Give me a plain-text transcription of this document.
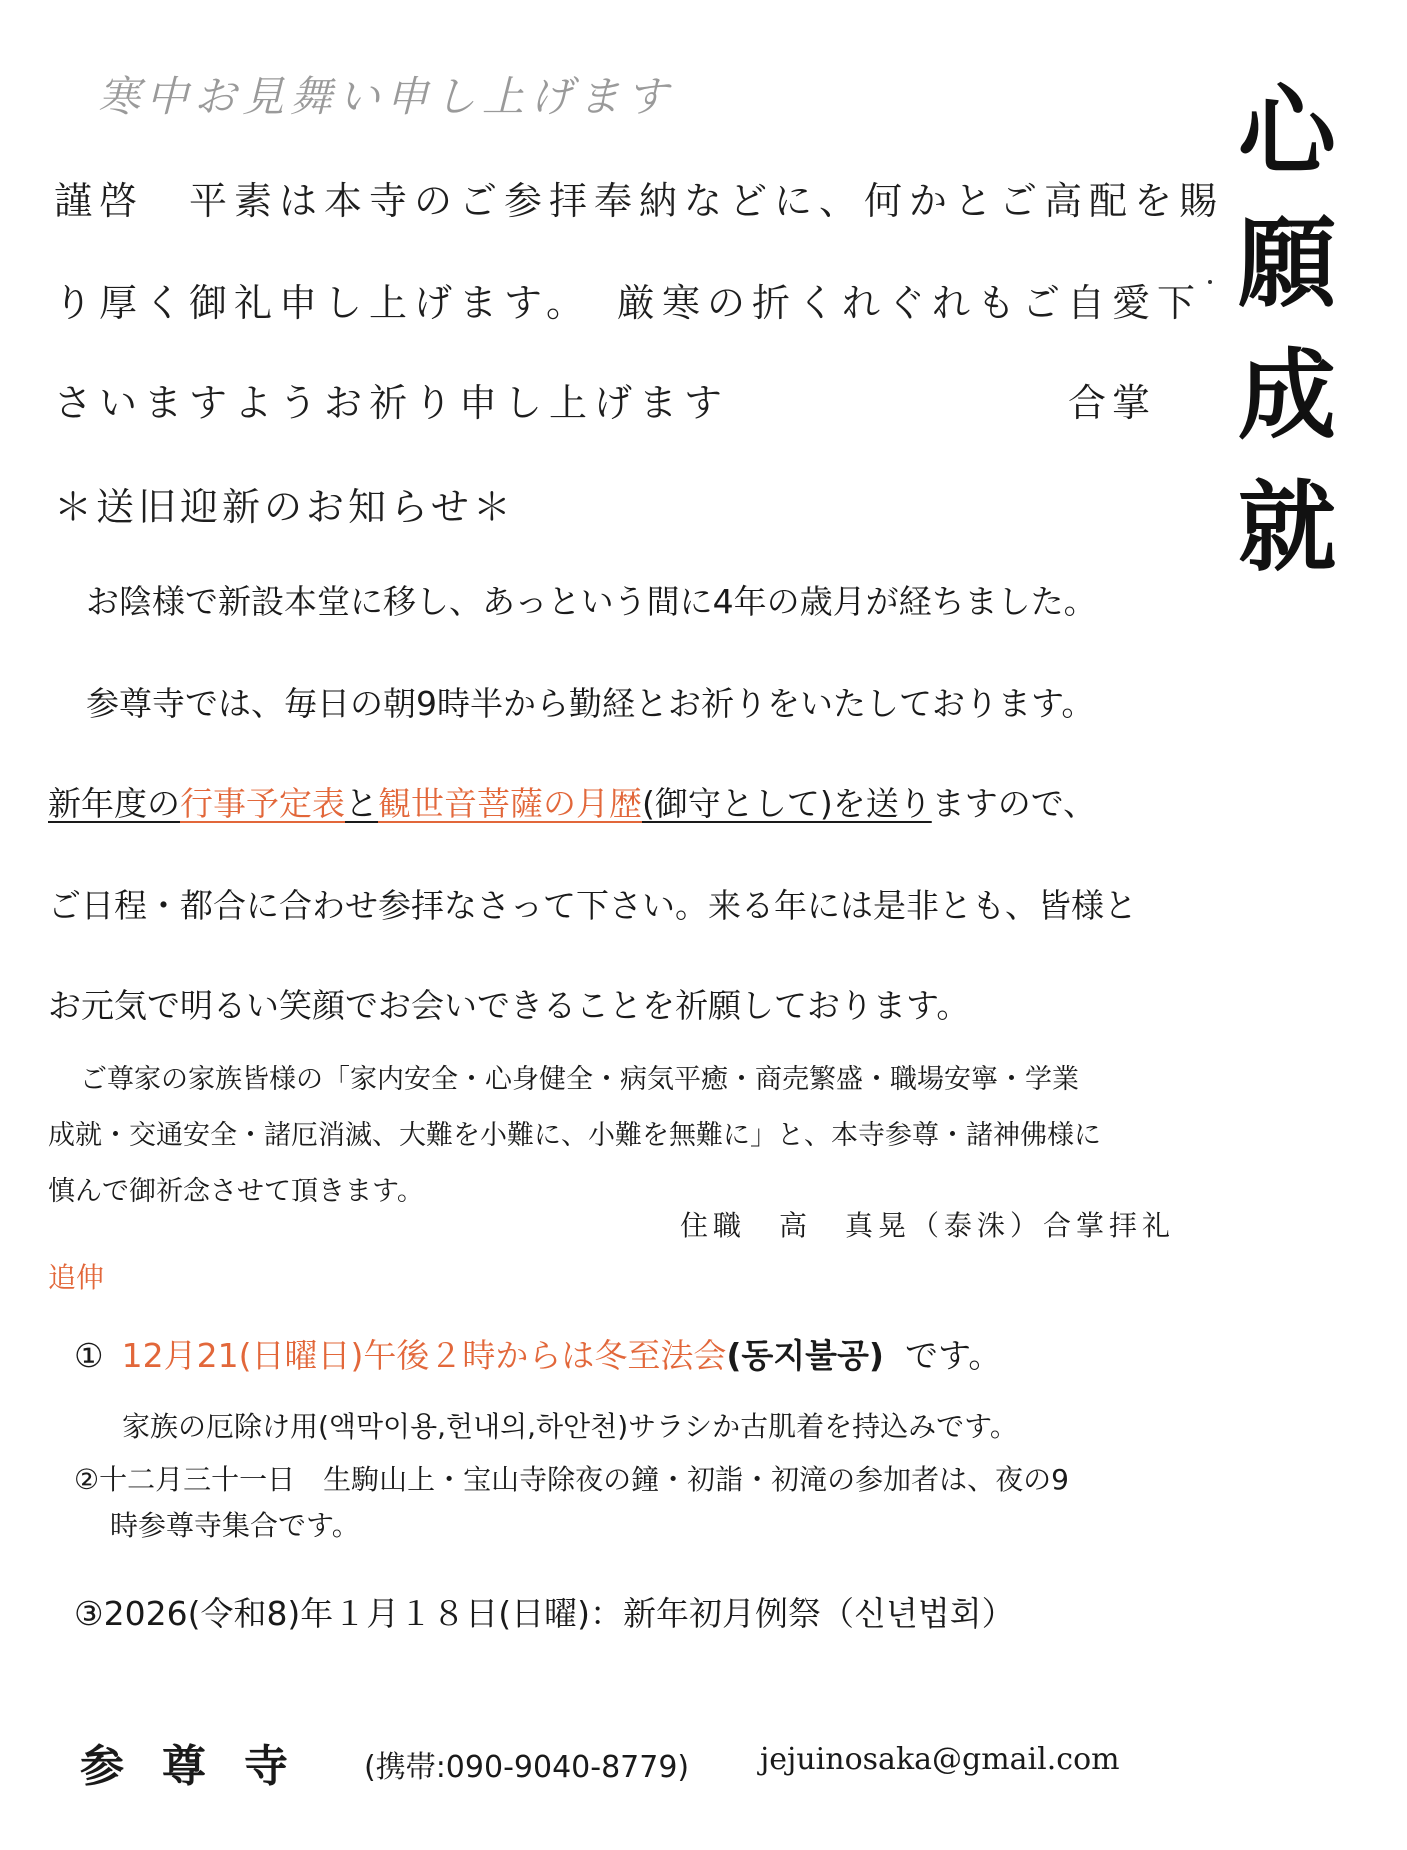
寒中お見舞い申し上げます	心
願
成
就
謹啓　平素は本寺のご参拝奉納などに、何かとご高配を賜
り厚く御礼申し上げます。　厳寒の折くれぐれもご自愛下
さいますようお祈り申し上げます	合掌
＊送旧迎新のお知らせ＊
お陰様で新設本堂に移し、あっという間に4年の歳月が経ちました。
参尊寺では、毎日の朝9時半から勤経とお祈りをいたしております。
新年度の行事予定表と観世音菩薩の月歴(御守として)を送りますので、
ご日程・都合に合わせ参拝なさって下さい。来る年には是非とも、皆様と
お元気で明るい笑顔でお会いできることを祈願しております。
ご尊家の家族皆様の「家内安全・心身健全・病気平癒・商売繁盛・職場安寧・学業
成就・交通安全・諸厄消滅、大難を小難に、小難を無難に」と、本寺参尊・諸神佛様に
慎んで御祈念させて頂きます。
住職　高　真晃（泰洙）合掌拝礼
追伸
① 12月21(日曜日)午後２時からは冬至法会(동지불공) です。
家族の厄除け用(액막이용,헌내의,하안천)サラシか古肌着を持込みです。
②十二月三十一日　生駒山上・宝山寺除夜の鐘・初詣・初滝の参加者は、夜の9
時参尊寺集合です。
③2026(令和8)年１月１８日(日曜)：新年初月例祭（신년법회）
参尊寺 (携帯:090-9040-8779) jejuinosaka@gmail.com
